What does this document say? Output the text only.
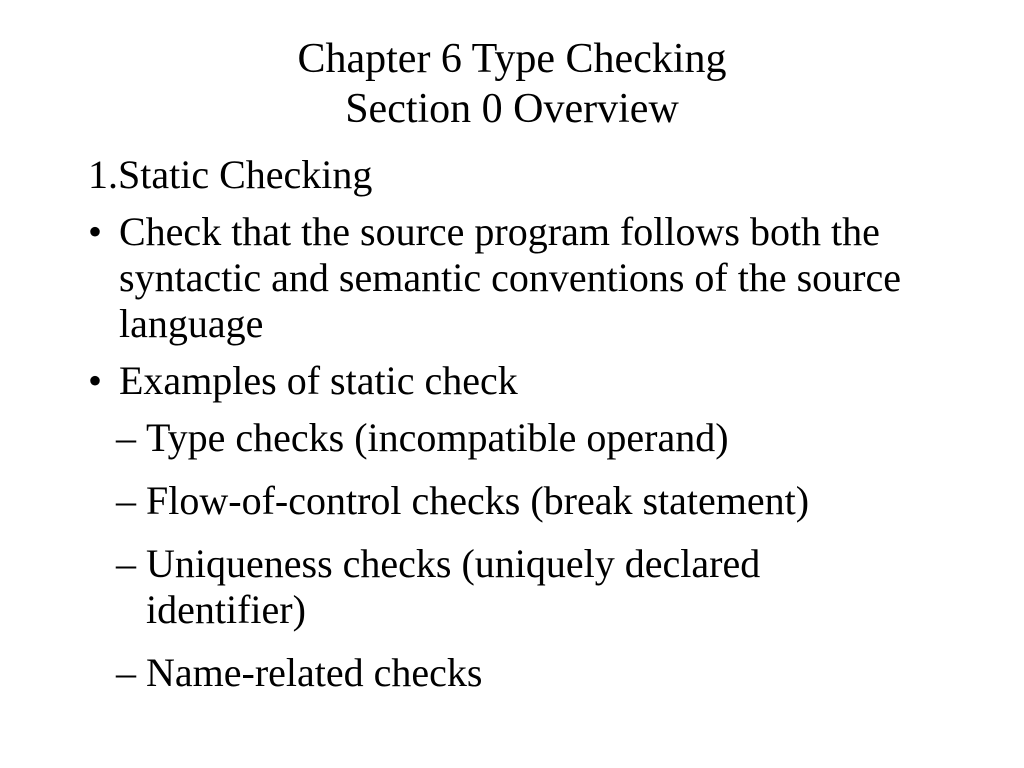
Chapter 6 Type Checking
Section 0 Overview
1.Static Checking
• Check that the source program follows both the syntactic and semantic conventions of the source language
• Examples of static check
– Type checks (incompatible operand)
– Flow-of-control checks (break statement)
– Uniqueness checks (uniquely declared identifier)
– Name-related checks
